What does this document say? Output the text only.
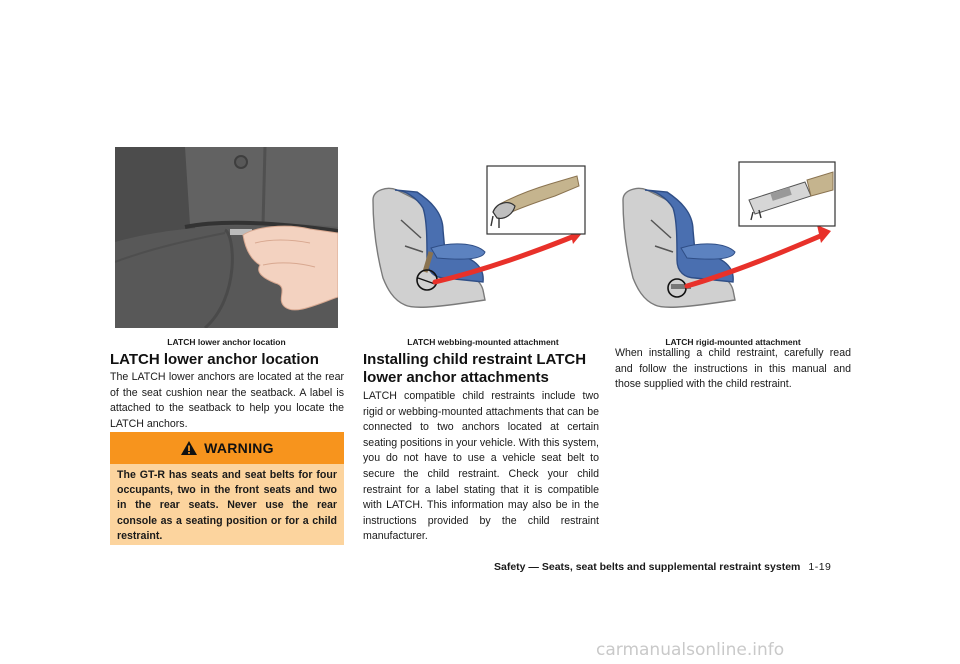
LATCH lower anchor location	LATCH webbing-mounted attachment	LATCH rigid-mounted attachment
LATCH lower anchor location
The LATCH lower anchors are located at the rear of the seat cushion near the seatback. A label is attached to the seatback to help you locate the LATCH anchors.
WARNING
The GT-R has seats and seat belts for four occupants, two in the front seats and two in the rear seats. Never use the rear console as a seating position or for a child restraint.
Installing child restraint LATCH lower anchor attachments
LATCH compatible child restraints include two rigid or webbing-mounted attachments that can be connected to two anchors located at certain seating positions in your vehicle. With this system, you do not have to use a vehicle seat belt to secure the child restraint. Check your child restraint for a label stating that it is compatible with LATCH. This information may also be in the instructions provided by the child restraint manufacturer.
When installing a child restraint, carefully read and follow the instructions in this manual and those supplied with the child restraint.
Safety — Seats, seat belts and supplemental restraint system 1-19
carmanualsonline.info
